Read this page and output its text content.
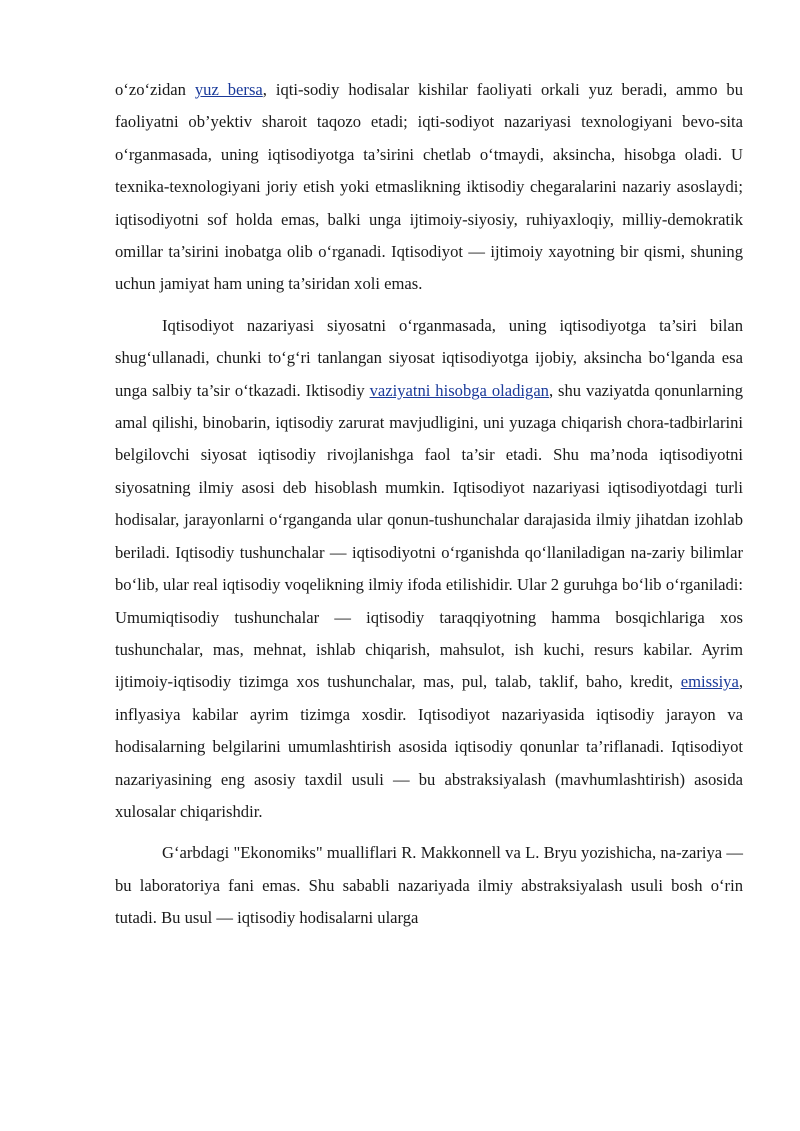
o‘zo‘zidan yuz bersa, iqti-sodiy hodisalar kishilar faoliyati orkali yuz beradi, ammo bu faoliyatni ob’yektiv sharoit taqozo etadi; iqti-sodiyot nazariyasi texnologiyani bevo-sita o‘rganmasada, uning iqtisodiyotga ta’sirini chetlab o‘tmaydi, aksincha, hisobga oladi. U texnika-texnologiyani joriy etish yoki etmaslikning iktisodiy chegaralarini nazariy asoslaydi; iqtisodiyotni sof holda emas, balki unga ijtimoiy-siyosiy, ruhiyaxloqiy, milliy-demokratik omillar ta’sirini inobatga olib o‘rganadi. Iqtisodiyot — ijtimoiy xayotning bir qismi, shuning uchun jamiyat ham uning ta’siridan xoli emas.

Iqtisodiyot nazariyasi siyosatni o‘rganmasada, uning iqtisodiyotga ta’siri bilan shug‘ullanadi, chunki to‘g‘ri tanlangan siyosat iqtisodiyotga ijobiy, aksincha bo‘lganda esa unga salbiy ta’sir o‘tkazadi. Iktisodiy vaziyatni hisobga oladigan, shu vaziyatda qonunlarning amal qilishi, binobarin, iqtisodiy zarurat mavjudligini, uni yuzaga chiqarish chora-tadbirlarini belgilovchi siyosat iqtisodiy rivojlanishga faol ta’sir etadi. Shu ma’noda iqtisodiyotni siyosatning ilmiy asosi deb hisoblash mumkin. Iqtisodiyot nazariyasi iqtisodiyotdagi turli hodisalar, jarayonlarni o‘rganganda ular qonun-tushunchalar darajasida ilmiy jihatdan izohlab beriladi. Iqtisodiy tushunchalar — iqtisodiyotni o‘rganishda qo‘llaniladigan na-zariy bilimlar bo‘lib, ular real iqtisodiy voqelikning ilmiy ifoda etilishidir. Ular 2 guruhga bo‘lib o‘rganiladi: Umumiqtisodiy tushunchalar — iqtisodiy taraqqiyotning hamma bosqichlariga xos tushunchalar, mas, mehnat, ishlab chiqarish, mahsulot, ish kuchi, resurs kabilar. Ayrim ijtimoiy-iqtisodiy tizimga xos tushunchalar, mas, pul, talab, taklif, baho, kredit, emissiya, inflyasiya kabilar ayrim tizimga xosdir. Iqtisodiyot nazariyasida iqtisodiy jarayon va hodisalarning belgilarini umumlashtirish asosida iqtisodiy qonunlar ta’riflanadi. Iqtisodiyot nazariyasining eng asosiy taxdil usuli — bu abstraksiyalash (mavhumlashtirish) asosida xulosalar chiqarishdir.

G‘arbdagi "Ekonomiks" mualliflari R. Makkonnell va L. Bryu yozishicha, na-zariya — bu laboratoriya fani emas. Shu sababli nazariyada ilmiy abstraksiyalash usuli bosh o‘rin tutadi. Bu usul — iqtisodiy hodisalarni ularga
